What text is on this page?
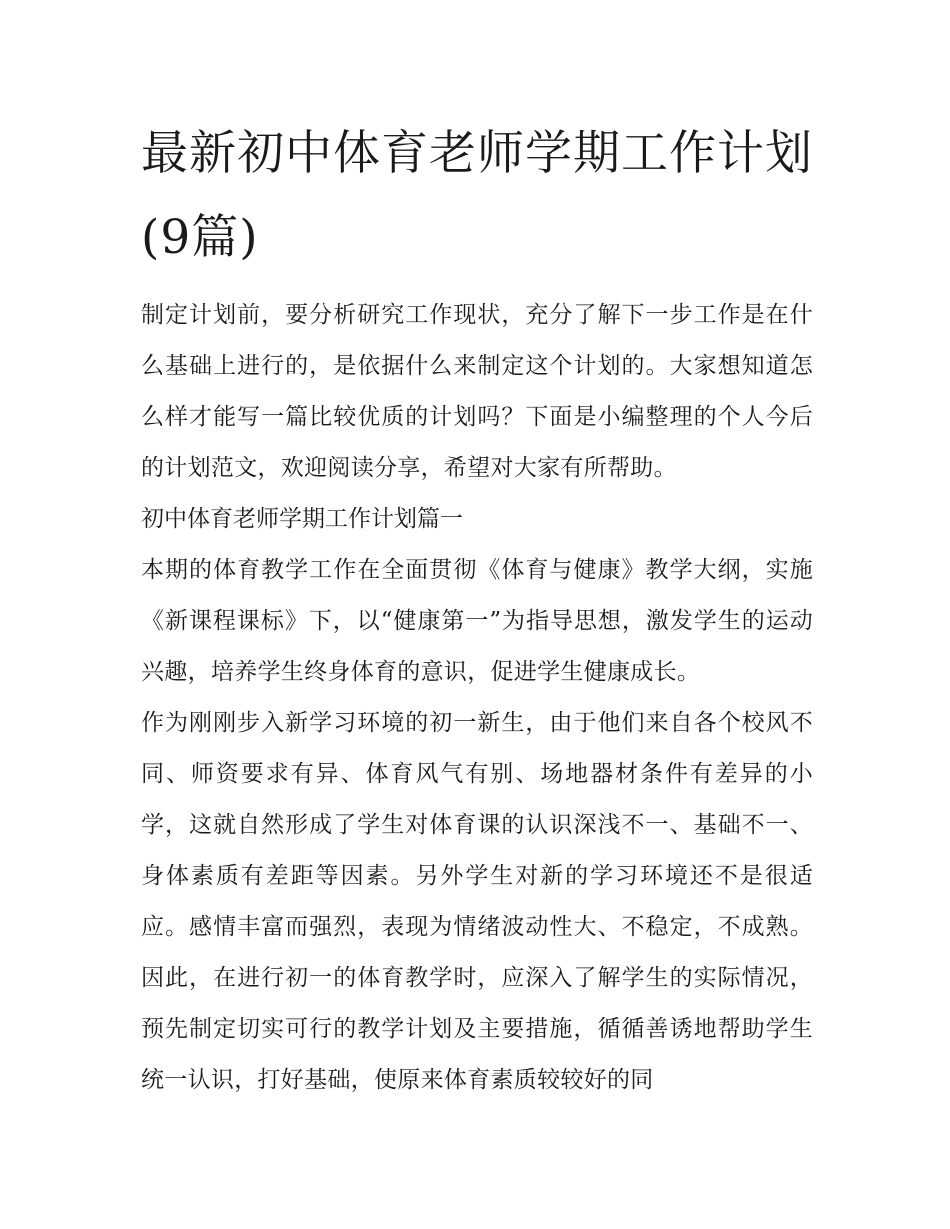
最新初中体育老师学期工作计划(9篇)

制定计划前，要分析研究工作现状，充分了解下一步工作是在什么基础上进行的，是依据什么来制定这个计划的。大家想知道怎么样才能写一篇比较优质的计划吗？下面是小编整理的个人今后的计划范文，欢迎阅读分享，希望对大家有所帮助。

初中体育老师学期工作计划篇一

本期的体育教学工作在全面贯彻《体育与健康》教学大纲，实施《新课程课标》下，以“健康第一”为指导思想，激发学生的运动兴趣，培养学生终身体育的意识，促进学生健康成长。

作为刚刚步入新学习环境的初一新生，由于他们来自各个校风不同、师资要求有异、体育风气有别、场地器材条件有差异的小学，这就自然形成了学生对体育课的认识深浅不一、基础不一、身体素质有差距等因素。另外学生对新的学习环境还不是很适应。感情丰富而强烈，表现为情绪波动性大、不稳定，不成熟。因此，在进行初一的体育教学时，应深入了解学生的实际情况，预先制定切实可行的教学计划及主要措施，循循善诱地帮助学生统一认识，打好基础，使原来体育素质较较好的同
